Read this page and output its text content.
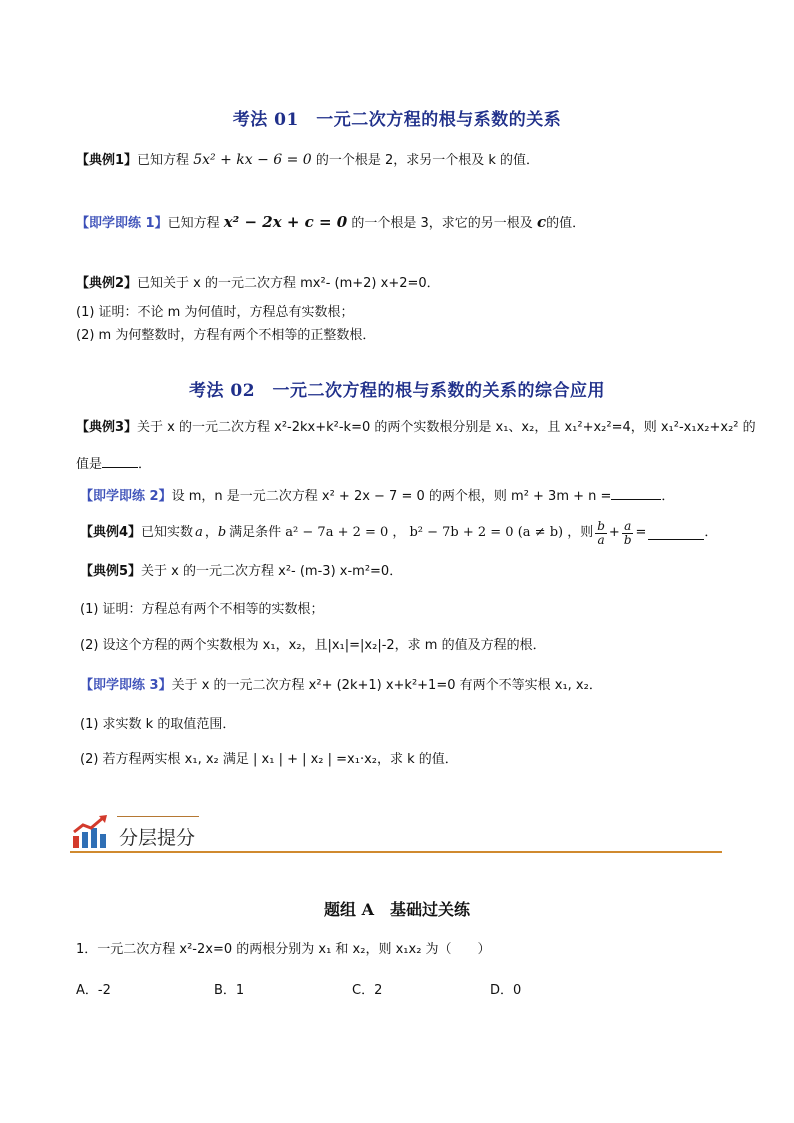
考法 01　一元二次方程的根与系数的关系
【典例1】已知方程 5x² + kx − 6 = 0 的一个根是 2，求另一个根及 k 的值．
【即学即练 1】已知方程 x² − 2x + c = 0 的一个根是 3，求它的另一根及 c的值．
【典例2】已知关于 x 的一元二次方程 mx²- (m+2) x+2=0．
(1) 证明：不论 m 为何值时，方程总有实数根；
(2) m 为何整数时，方程有两个不相等的正整数根．
考法 02　一元二次方程的根与系数的关系的综合应用
【典例3】关于 x 的一元二次方程 x²-2kx+k²-k=0 的两个实数根分别是 x₁、x₂，且 x₁²+x₂²=4，则 x₁²-x₁x₂+x₂² 的
值是	．
【即学即练 2】设 m，n 是一元二次方程 x² + 2x − 7 = 0 的两个根，则 m² + 3m + n =	．
【典例4】 已知实数 a ， b 满足条件 a² − 7a + 2 = 0 ， b² − 7b + 2 = 0 (a ≠ b) ，则 $\frac{b}{a} + \frac{a}{b}$ =	．
【典例5】关于 x 的一元二次方程 x²- (m-3) x-m²=0．
(1) 证明：方程总有两个不相等的实数根；
(2) 设这个方程的两个实数根为 x₁，x₂，且|x₁|=|x₂|-2，求 m 的值及方程的根．
【即学即练 3】关于 x 的一元二次方程 x²+ (2k+1) x+k²+1=0 有两个不等实根 x₁, x₂．
(1) 求实数 k 的取值范围．
(2) 若方程两实根 x₁, x₂ 满足 | x₁ | + | x₂ | =x₁·x₂，求 k 的值．
分层提分
题组 A　基础过关练
1．一元二次方程 x²-2x=0 的两根分别为 x₁ 和 x₂，则 x₁x₂ 为（　　）
A．-2	B．1	C．2	D．0
